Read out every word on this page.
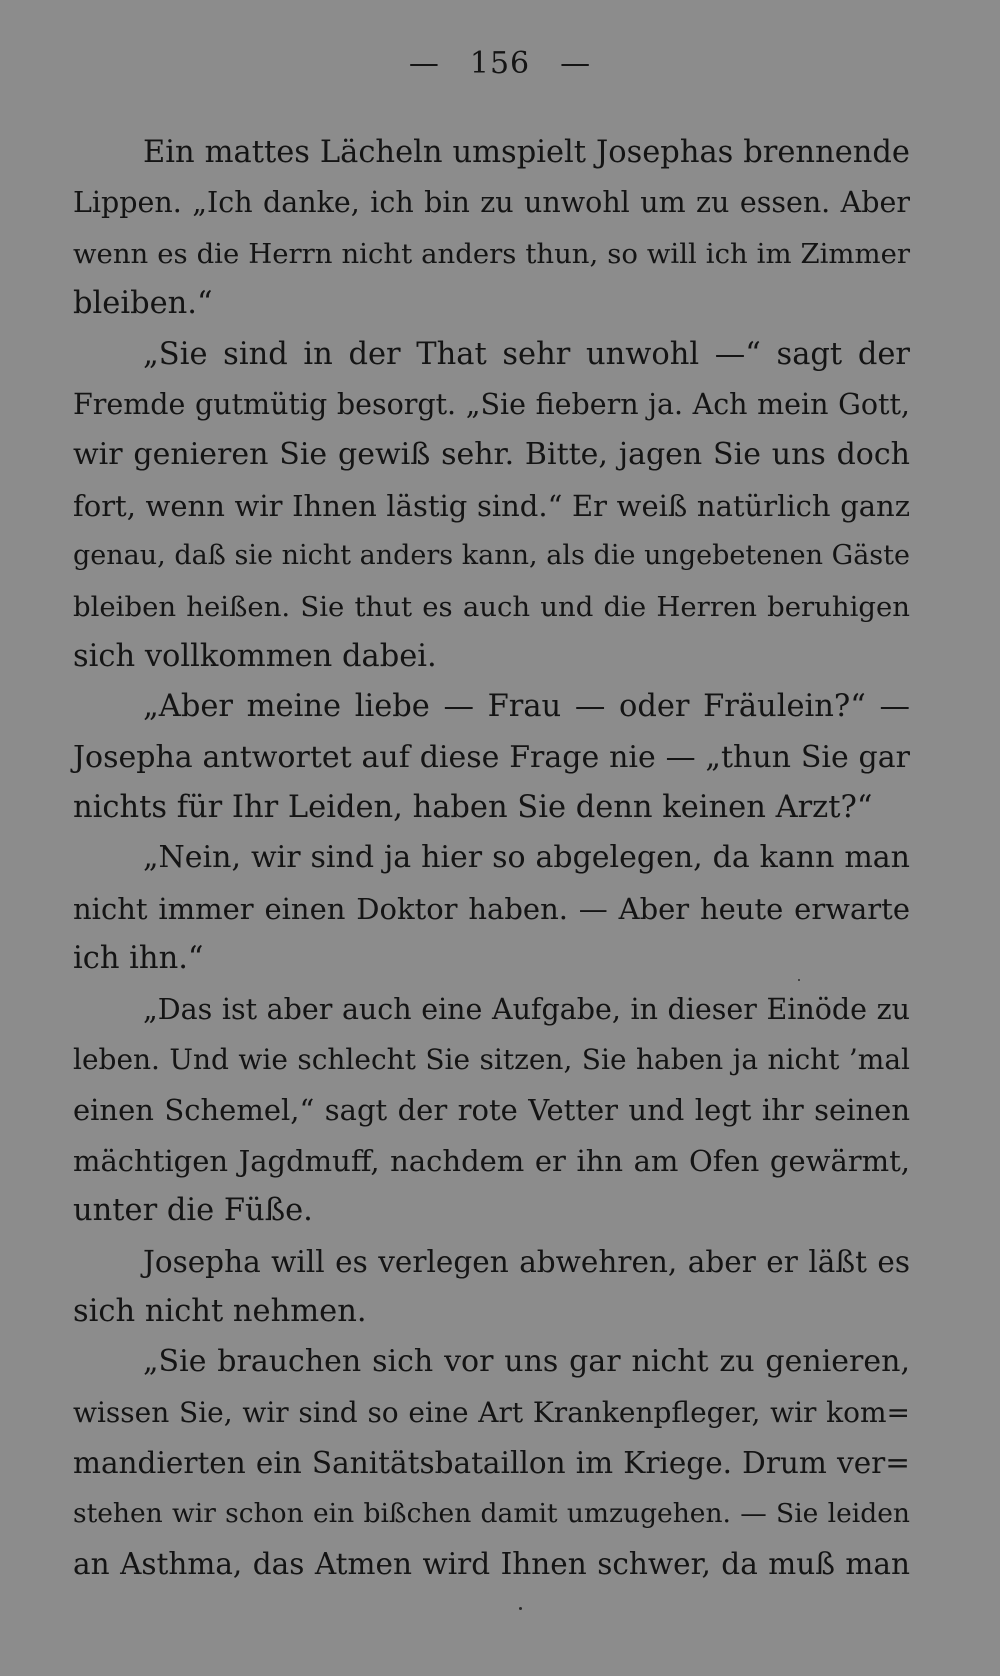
— 156 —
Ein mattes Lächeln umspielt Josephas brennende
Lippen. „Ich danke, ich bin zu unwohl um zu essen. Aber
wenn es die Herrn nicht anders thun, so will ich im Zimmer
bleiben.“
„Sie sind in der That sehr unwohl —“ sagt der
Fremde gutmütig besorgt. „Sie fiebern ja. Ach mein Gott,
wir genieren Sie gewiß sehr. Bitte, jagen Sie uns doch
fort, wenn wir Ihnen lästig sind.“ Er weiß natürlich ganz
genau, daß sie nicht anders kann, als die ungebetenen Gäste
bleiben heißen. Sie thut es auch und die Herren beruhigen
sich vollkommen dabei.
„Aber meine liebe — Frau — oder Fräulein?“ —
Josepha antwortet auf diese Frage nie — „thun Sie gar
nichts für Ihr Leiden, haben Sie denn keinen Arzt?“
„Nein, wir sind ja hier so abgelegen, da kann man
nicht immer einen Doktor haben. — Aber heute erwarte
ich ihn.“
„Das ist aber auch eine Aufgabe, in dieser Einöde zu
leben. Und wie schlecht Sie sitzen, Sie haben ja nicht ’mal
einen Schemel,“ sagt der rote Vetter und legt ihr seinen
mächtigen Jagdmuff, nachdem er ihn am Ofen gewärmt,
unter die Füße.
Josepha will es verlegen abwehren, aber er läßt es
sich nicht nehmen.
„Sie brauchen sich vor uns gar nicht zu genieren,
wissen Sie, wir sind so eine Art Krankenpfleger, wir kom=
mandierten ein Sanitätsbataillon im Kriege. Drum ver=
stehen wir schon ein bißchen damit umzugehen. — Sie leiden
an Asthma, das Atmen wird Ihnen schwer, da muß man
